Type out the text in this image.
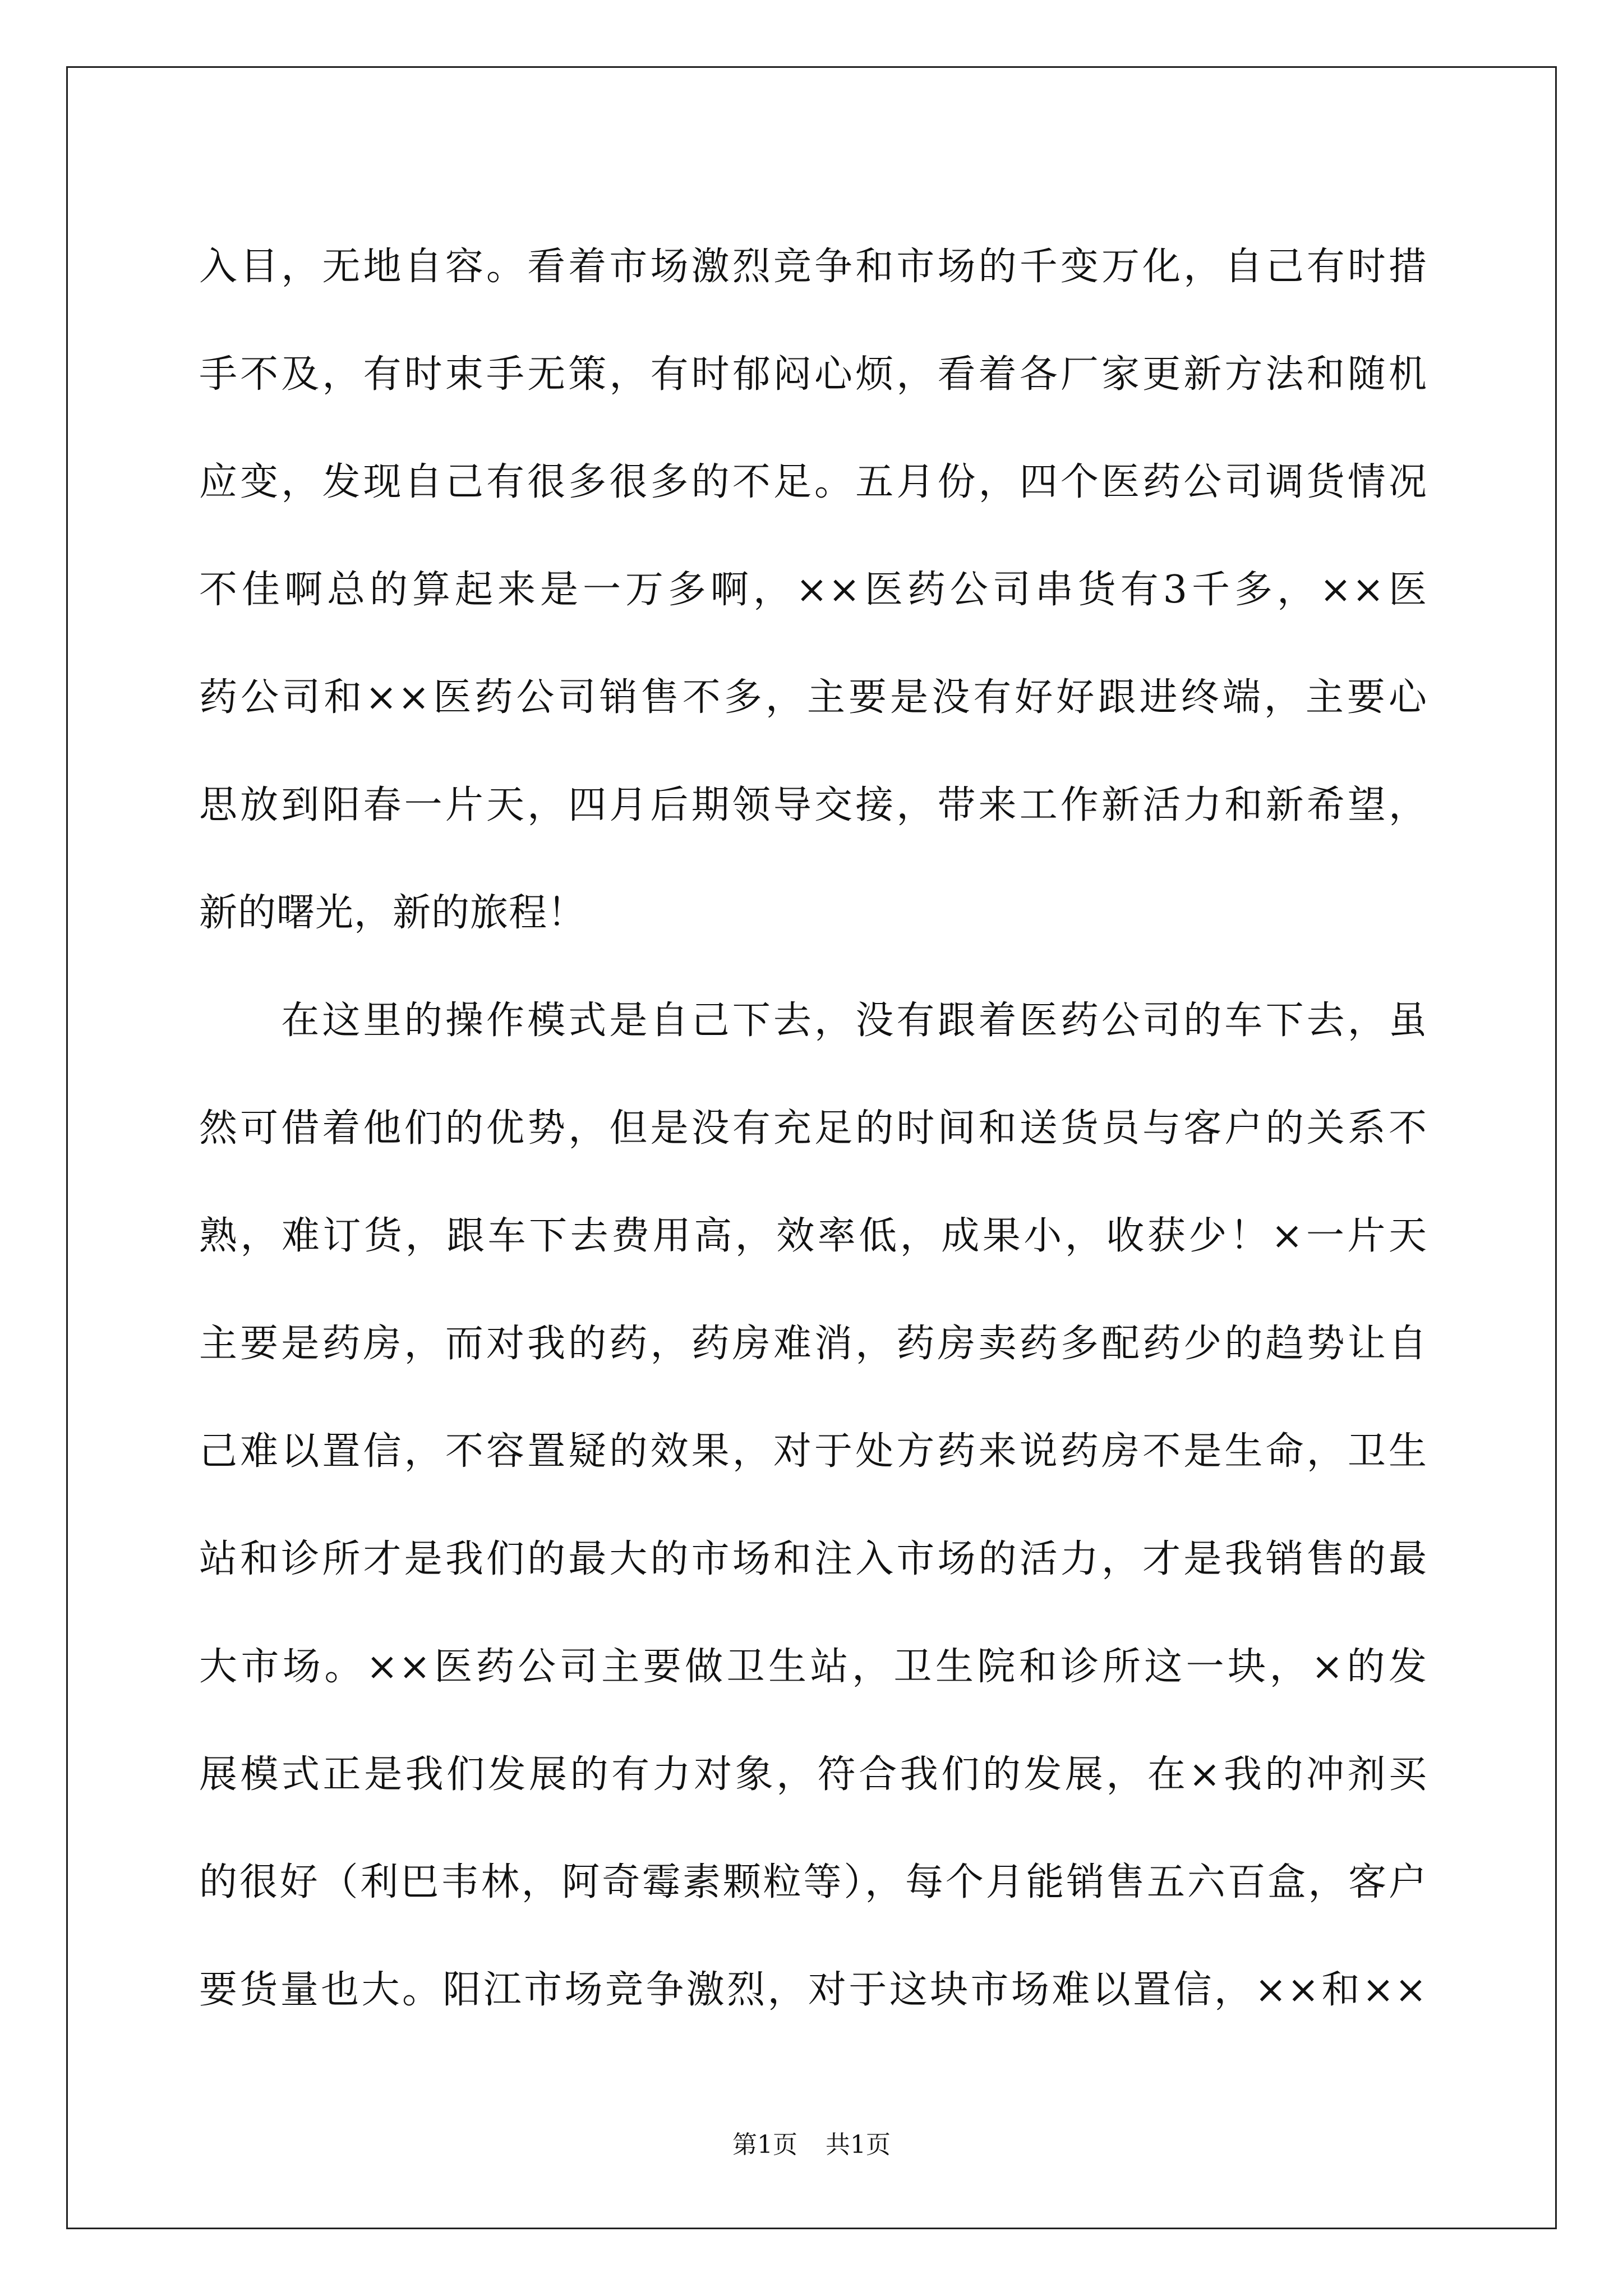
入目，无地自容。看着市场激烈竞争和市场的千变万化，自己有时措
手不及，有时束手无策，有时郁闷心烦，看着各厂家更新方法和随机
应变，发现自己有很多很多的不足。五月份，四个医药公司调货情况
不佳啊总的算起来是一万多啊，××医药公司串货有3千多，××医
药公司和××医药公司销售不多，主要是没有好好跟进终端，主要心
思放到阳春一片天，四月后期领导交接，带来工作新活力和新希望，
新的曙光，新的旅程！
　　在这里的操作模式是自己下去，没有跟着医药公司的车下去，虽
然可借着他们的优势，但是没有充足的时间和送货员与客户的关系不
熟，难订货，跟车下去费用高，效率低，成果小，收获少！×一片天
主要是药房，而对我的药，药房难消，药房卖药多配药少的趋势让自
己难以置信，不容置疑的效果，对于处方药来说药房不是生命，卫生
站和诊所才是我们的最大的市场和注入市场的活力，才是我销售的最
大市场。××医药公司主要做卫生站，卫生院和诊所这一块，×的发
展模式正是我们发展的有力对象，符合我们的发展，在×我的冲剂买
的很好（利巴韦林，阿奇霉素颗粒等），每个月能销售五六百盒，客户
要货量也大。阳江市场竞争激烈，对于这块市场难以置信，××和××
第1页 共1页
